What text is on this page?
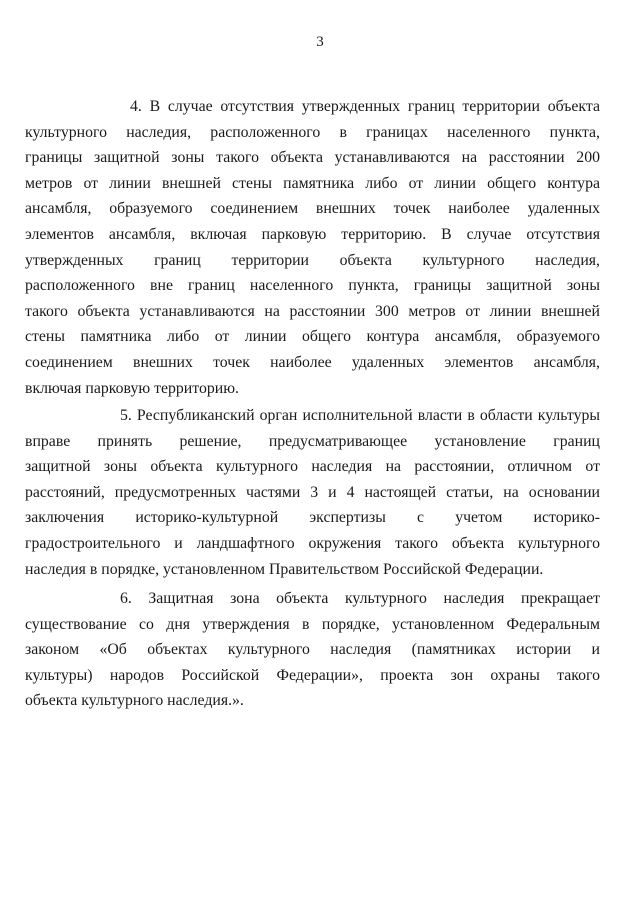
3
4. В случае отсутствия утвержденных границ территории объекта
культурного наследия, расположенного в границах населенного пункта,
границы защитной зоны такого объекта устанавливаются на расстоянии 200
метров от линии внешней стены памятника либо от линии общего контура
ансамбля, образуемого соединением внешних точек наиболее удаленных
элементов ансамбля, включая парковую территорию. В случае отсутствия
утвержденных границ территории объекта культурного наследия,
расположенного вне границ населенного пункта, границы защитной зоны
такого объекта устанавливаются на расстоянии 300 метров от линии внешней
стены памятника либо от линии общего контура ансамбля, образуемого
соединением внешних точек наиболее удаленных элементов ансамбля,
включая парковую территорию.
5. Республиканский орган исполнительной власти в области культуры
вправе принять решение, предусматривающее установление границ
защитной зоны объекта культурного наследия на расстоянии, отличном от
расстояний, предусмотренных частями 3 и 4 настоящей статьи, на основании
заключения историко-культурной экспертизы с учетом историко-
градостроительного и ландшафтного окружения такого объекта культурного
наследия в порядке, установленном Правительством Российской Федерации.
6. Защитная зона объекта культурного наследия прекращает
существование со дня утверждения в порядке, установленном Федеральным
законом «Об объектах культурного наследия (памятниках истории и
культуры) народов Российской Федерации», проекта зон охраны такого
объекта культурного наследия.».
